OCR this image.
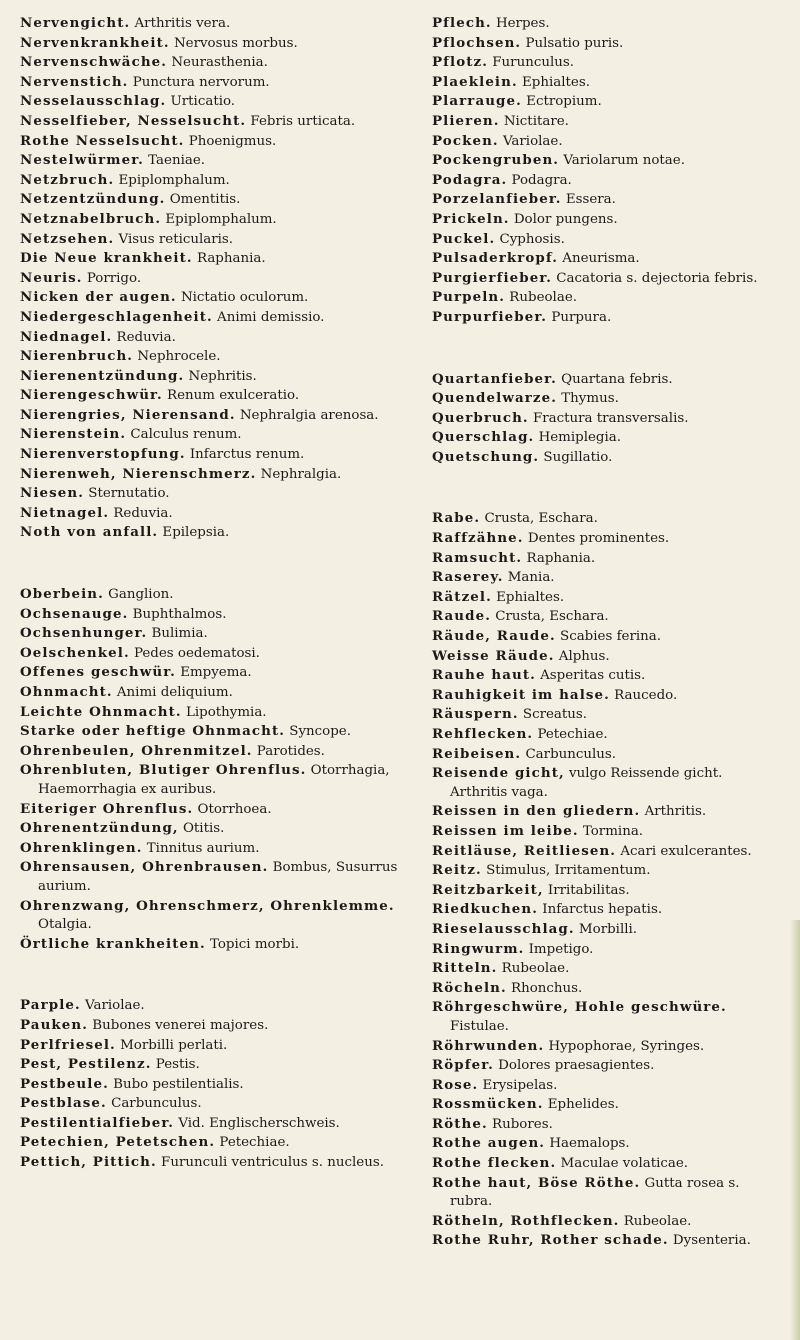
Nervengicht. Arthritis vera.

Nervenkrankheit. Nervosus morbus.

Nervenschwäche. Neurasthenia.

Nervenstich. Punctura nervorum.

Nesselausschlag. Urticatio.

Nesselfieber, Nesselsucht. Febris urticata.

Rothe Nesselsucht. Phoenigmus.

Nestelwürmer. Taeniae.

Netzbruch. Epiplomphalum.

Netzentzündung. Omentitis.

Netznabelbruch. Epiplomphalum.

Netzsehen. Visus reticularis.

Die Neue krankheit. Raphania.

Neuris. Porrigo.

Nicken der augen. Nictatio oculorum.

Niedergeschlagenheit. Animi demissio.

Niednagel. Reduvia.

Nierenbruch. Nephrocele.

Nierenentzündung. Nephritis.

Nierengeschwür. Renum exulceratio.

Nierengries, Nierensand. Nephralgia arenosa.

Nierenstein. Calculus renum.

Nierenverstopfung. Infarctus renum.

Nierenweh, Nierenschmerz. Nephralgia.

Niesen. Sternutatio.

Nietnagel. Reduvia.

Noth von anfall. Epilepsia.

Oberbein. Ganglion.

Ochsenauge. Buphthalmos.

Ochsenhunger. Bulimia.

Oelschenkel. Pedes oedematosi.

Offenes geschwür. Empyema.

Ohnmacht. Animi deliquium.

Leichte Ohnmacht. Lipothymia.

Starke oder heftige Ohnmacht. Syncope.

Ohrenbeulen, Ohrenmitzel. Parotides.

Ohrenbluten, Blutiger Ohrenflus. Otorrhagia, Haemorrhagia ex auribus.

Eiteriger Ohrenflus. Otorrhoea.

Ohrenentzündung, Otitis.

Ohrenklingen. Tinnitus aurium.

Ohrensausen, Ohrenbrausen. Bombus, Susurrus aurium.

Ohrenzwang, Ohrenschmerz, Ohrenklemme. Otalgia.

Örtliche krankheiten. Topici morbi.

Parple. Variolae.

Pauken. Bubones venerei majores.

Perlfriesel. Morbilli perlati.

Pest, Pestilenz. Pestis.

Pestbeule. Bubo pestilentialis.

Pestblase. Carbunculus.

Pestilentialfieber. Vid. Englischerschweis.

Petechien, Petetschen. Petechiae.

Pettich, Pittich. Furunculi ventriculus s. nucleus.

Pflech. Herpes.

Pflochsen. Pulsatio puris.

Pflotz. Furunculus.

Plaeklein. Ephialtes.

Plarrauge. Ectropium.

Plieren. Nictitare.

Pocken. Variolae.

Pockengruben. Variolarum notae.

Podagra. Podagra.

Porzelanfieber. Essera.

Prickeln. Dolor pungens.

Puckel. Cyphosis.

Pulsaderkropf. Aneurisma.

Purgierfieber. Cacatoria s. dejectoria febris.

Purpeln. Rubeolae.

Purpurfieber. Purpura.

Quartanfieber. Quartana febris.

Quendelwarze. Thymus.

Querbruch. Fractura transversalis.

Querschlag. Hemiplegia.

Quetschung. Sugillatio.

Rabe. Crusta, Eschara.

Raffzähne. Dentes prominentes.

Ramsucht. Raphania.

Raserey. Mania.

Rätzel. Ephialtes.

Raude. Crusta, Eschara.

Räude, Raude. Scabies ferina.

Weisse Räude. Alphus.

Rauhe haut. Asperitas cutis.

Rauhigkeit im halse. Raucedo.

Räuspern. Screatus.

Rehflecken. Petechiae.

Reibeisen. Carbunculus.

Reisende gicht, vulgo Reissende gicht. Arthritis vaga.

Reissen in den gliedern. Arthritis.

Reissen im leibe. Tormina.

Reitläuse, Reitliesen. Acari exulcerantes.

Reitz. Stimulus, Irritamentum.

Reitzbarkeit, Irritabilitas.

Riedkuchen. Infarctus hepatis.

Rieselausschlag. Morbilli.

Ringwurm. Impetigo.

Ritteln. Rubeolae.

Röcheln. Rhonchus.

Röhrgeschwüre, Hohle geschwüre. Fistulae.

Röhrwunden. Hypophorae, Syringes.

Röpfer. Dolores praesagientes.

Rose. Erysipelas.

Rossmücken. Ephelides.

Röthe. Rubores.

Rothe augen. Haemalops.

Rothe flecken. Maculae volaticae.

Rothe haut, Böse Röthe. Gutta rosea s. rubra.

Rötheln, Rothflecken. Rubeolae.

Rothe Ruhr, Rother schade. Dysenteria.
